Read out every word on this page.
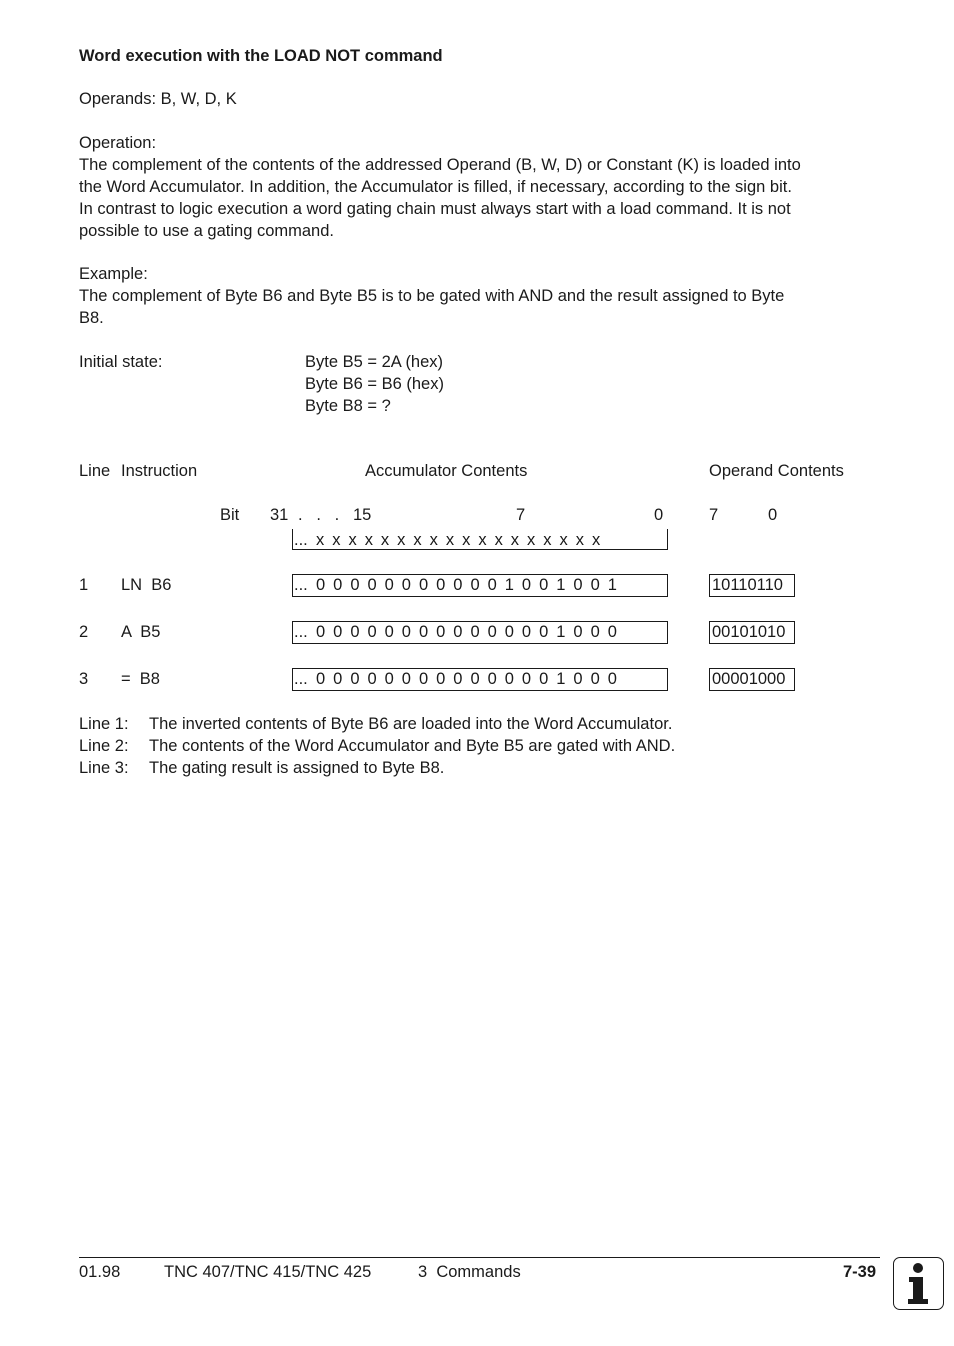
Word execution with the LOAD NOT command
Operands: B, W, D, K
Operation:
The complement of the contents of the addressed Operand (B, W, D) or Constant (K) is loaded into
the Word Accumulator. In addition, the Accumulator is filled, if necessary, according to the sign bit.
In contrast to logic execution a word gating chain must always start with a load command. It is not
possible to use a gating command.
Example:
The complement of Byte B6 and Byte B5 is to be gated with AND and the result assigned to Byte
B8.
Initial state:	Byte B5 = 2A (hex)
Byte B6 = B6 (hex)
Byte B8 = ?
Line Instruction	Accumulator Contents	Operand Contents
Bit 31 .   .   . 15	7	0	7	0
... x x x x x x x x x x x x x x x x x x
1 LN  B6	... 0 0 0 0 0 0 0 0 0 0 0 1 0 0 1 0 0 1	10110110
2 A  B5	... 0 0 0 0 0 0 0 0 0 0 0 0 0 0 1 0 0 0	00101010
3 =  B8	... 0 0 0 0 0 0 0 0 0 0 0 0 0 0 1 0 0 0	00001000
Line 1: The inverted contents of Byte B6 are loaded into the Word Accumulator.
Line 2: The contents of the Word Accumulator and Byte B5 are gated with AND.
Line 3: The gating result is assigned to Byte B8.
01.98	TNC 407/TNC 415/TNC 425	3  Commands	7-39
